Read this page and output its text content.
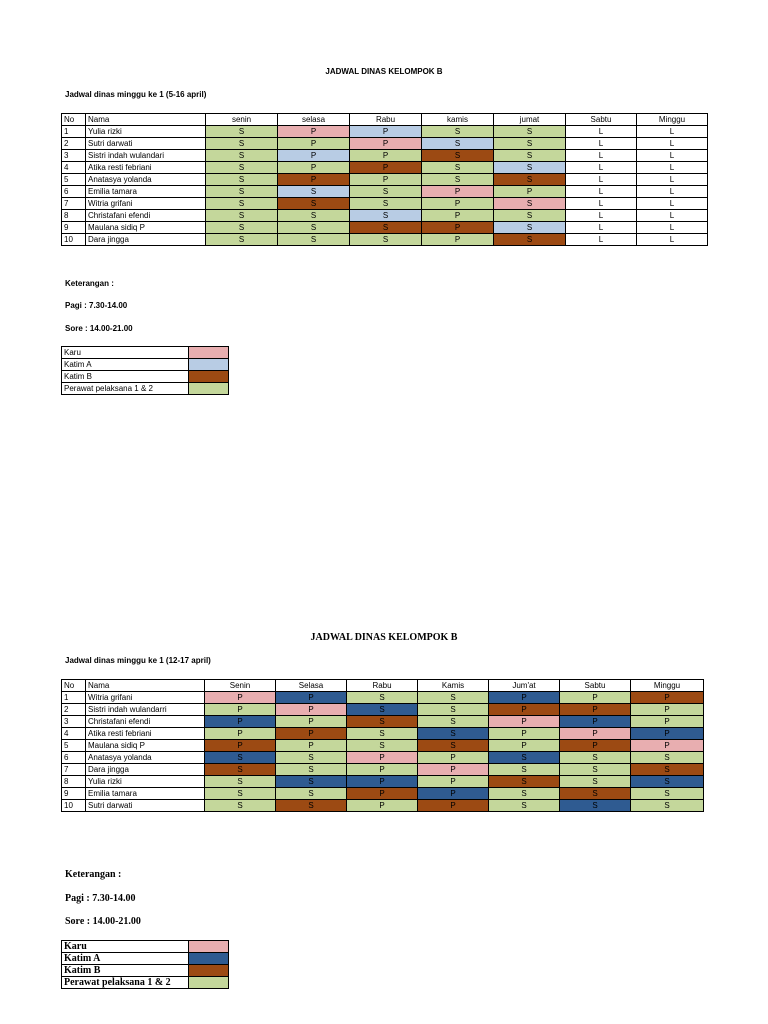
JADWAL DINAS KELOMPOK B
Jadwal dinas minggu ke 1 (5-16 april)
No	Nama	senin	selasa	Rabu	kamis	jumat	Sabtu	Minggu
1	Yulia rizki	S	P	P	S	S	L	L
2	Sutri darwati	S	P	P	S	S	L	L
3	Sistri indah wulandari	S	P	P	S	S	L	L
4	Atika resti febriani	S	P	P	S	S	L	L
5	Anatasya yolanda	S	P	P	S	S	L	L
6	Emilia tamara	S	S	S	P	P	L	L
7	Witria grifani	S	S	S	P	S	L	L
8	Christafani efendi	S	S	S	P	S	L	L
9	Maulana sidiq P	S	S	S	P	S	L	L
10	Dara jingga	S	S	S	P	S	L	L
Keterangan :
Pagi : 7.30-14.00
Sore : 14.00-21.00
Karu	
Katim A	
Katim B	
Perawat pelaksana 1 & 2	
JADWAL DINAS KELOMPOK B
Jadwal dinas minggu ke 1 (12-17 april)
No	Nama	Senin	Selasa	Rabu	Kamis	Jum'at	Sabtu	Minggu
1	Witria grifani	P	P	S	S	P	P	P
2	Sistri indah wulandarri	P	P	S	S	P	P	P
3	Christafani efendi	P	P	S	S	P	P	P
4	Atika resti febriani	P	P	S	S	P	P	P
5	Maulana sidiq P	P	P	S	S	P	P	P
6	Anatasya yolanda	S	S	P	P	S	S	S
7	Dara jingga	S	S	P	P	S	S	S
8	Yulia rizki	S	S	P	P	S	S	S
9	Emilia tamara	S	S	P	P	S	S	S
10	Sutri darwati	S	S	P	P	S	S	S
Keterangan :
Pagi : 7.30-14.00
Sore : 14.00-21.00
Karu	
Katim A	
Katim B	
Perawat pelaksana 1 & 2	
